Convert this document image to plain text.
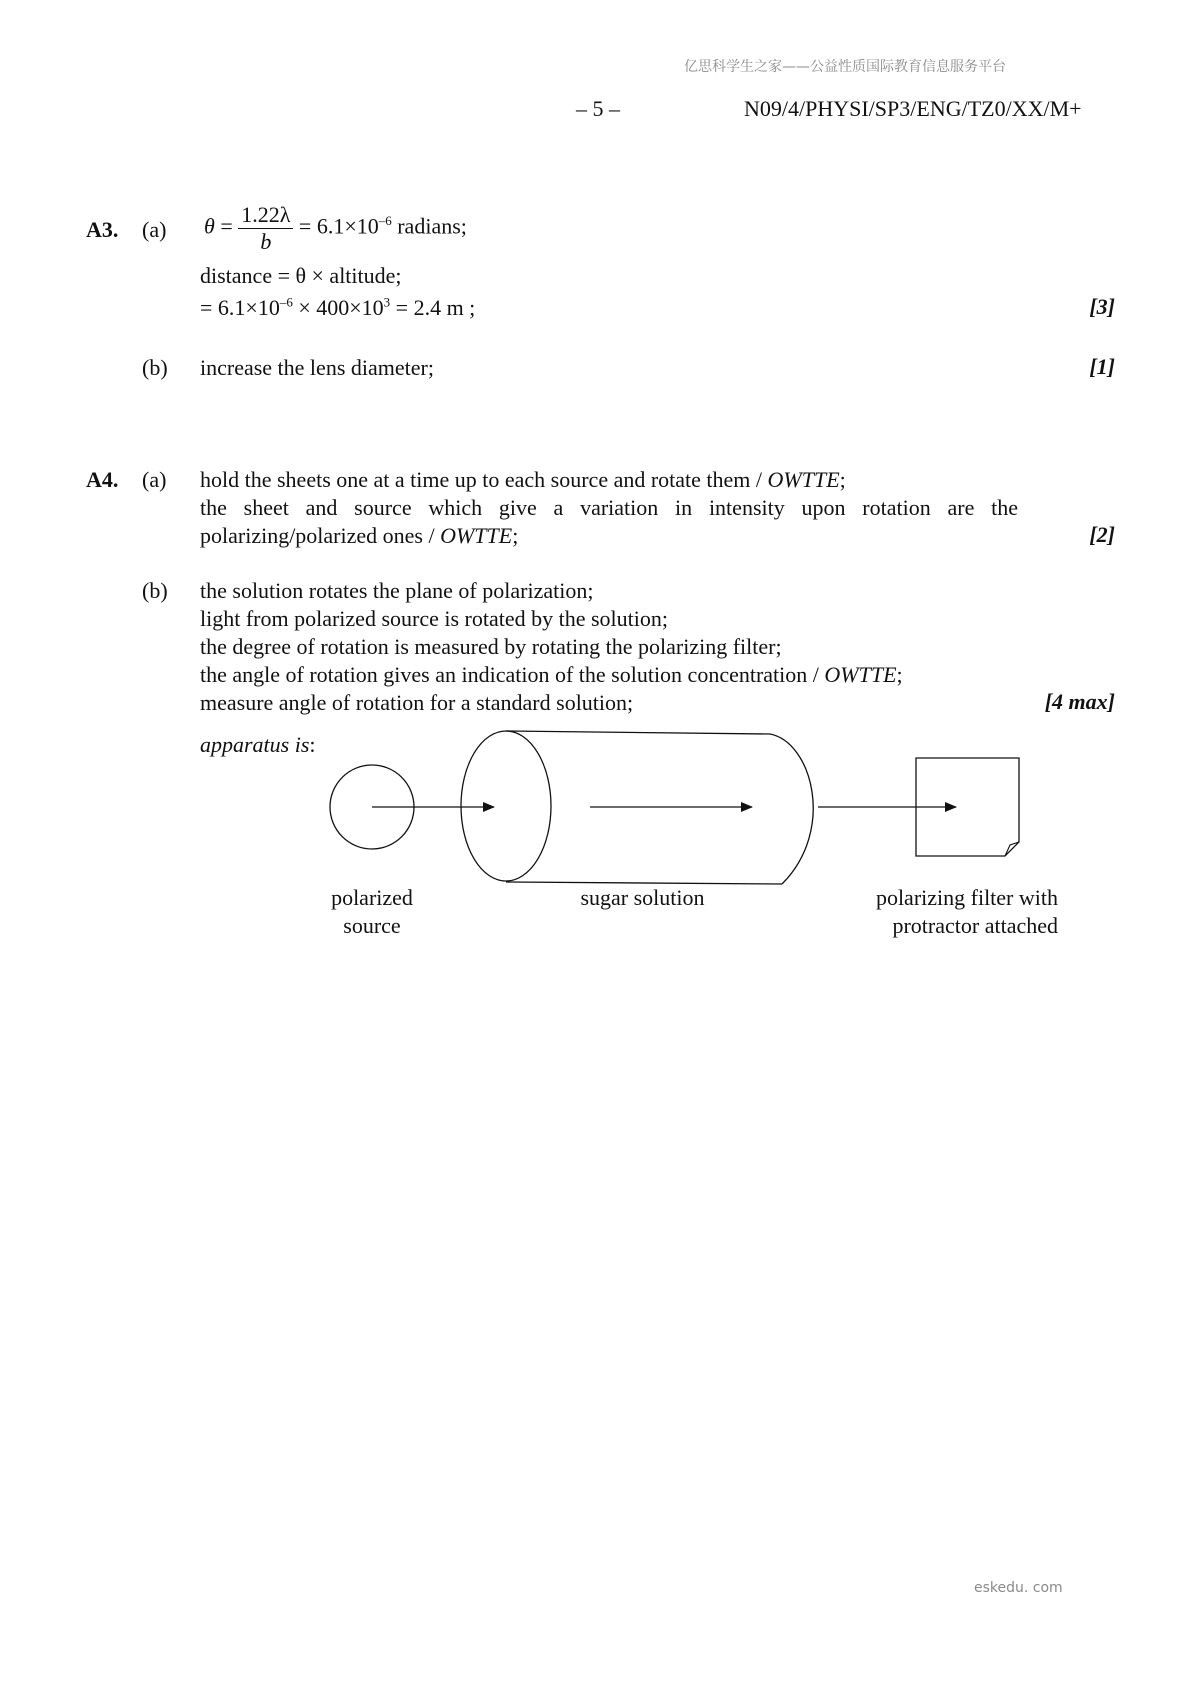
亿思科学生之家——公益性质国际教育信息服务平台
– 5 –	N09/4/PHYSI/SP3/ENG/TZ0/XX/M+
A3. (a) $\theta = \frac{1.22\lambda}{b} = 6.1\times 10^{-6}$ radians;
distance = θ × altitude;
= $6.1\times 10^{-6} \times 400\times 10^3 = 2.4$ m ;	[3]
(b) increase the lens diameter;	[1]
A4. (a) hold the sheets one at a time up to each source and rotate them / OWTTE;
the sheet and source which give a variation in intensity upon rotation are the
polarizing/polarized ones / OWTTE;	[2]
(b) the solution rotates the plane of polarization;
light from polarized source is rotated by the solution;
the degree of rotation is measured by rotating the polarizing filter;
the angle of rotation gives an indication of the solution concentration / OWTTE;
measure angle of rotation for a standard solution;	[4 max]
apparatus is:
polarized
source
sugar solution	polarizing filter with
protractor attached
eskedu. com
